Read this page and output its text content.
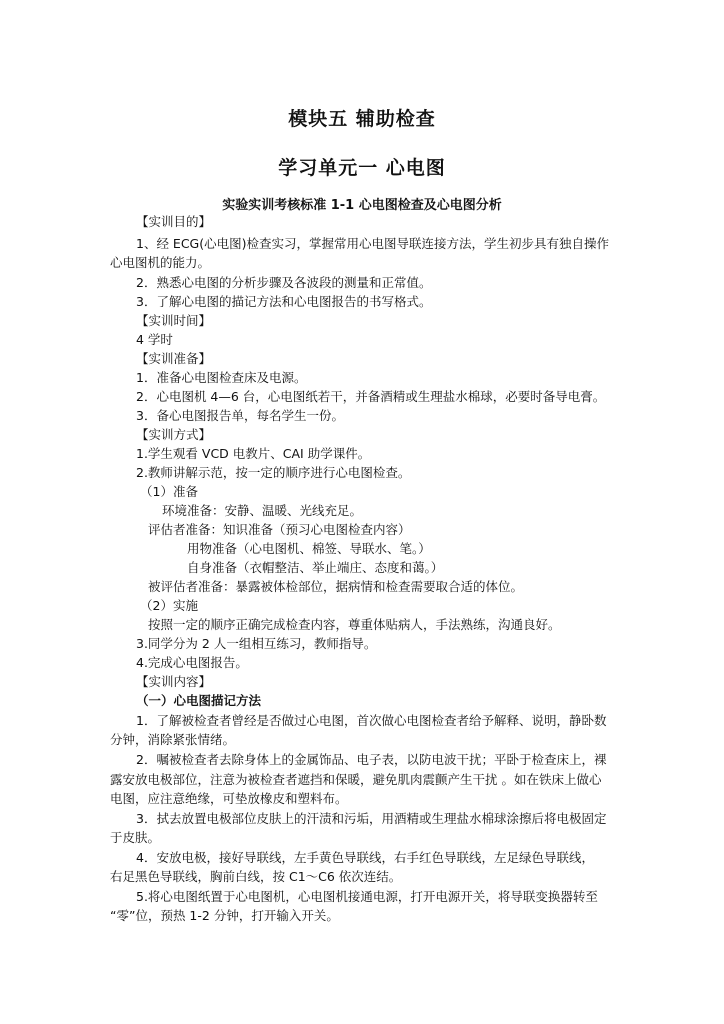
模块五 辅助检查
学习单元一 心电图
实验实训考核标准 1-1 心电图检查及心电图分析
【实训目的】
1、经 ECG(心电图)检查实习，掌握常用心电图导联连接方法，学生初步具有独自操作
心电图机的能力。
2．熟悉心电图的分析步骤及各波段的测量和正常值。
3．了解心电图的描记方法和心电图报告的书写格式。
【实训时间】
4 学时
【实训准备】
1．准备心电图检查床及电源。
2．心电图机 4—6 台，心电图纸若干，并备酒精或生理盐水棉球，必要时备导电膏。
3．备心电图报告单，每名学生一份。
【实训方式】
1.学生观看 VCD 电教片、CAI 助学课件。
2.教师讲解示范，按一定的顺序进行心电图检查。
（1）准备
环境准备：安静、温暖、光线充足。
评估者准备：知识准备（预习心电图检查内容）
用物准备（心电图机、棉签、导联水、笔。）
自身准备（衣帽整洁、举止端庄、态度和蔼。）
被评估者准备：暴露被体检部位，据病情和检查需要取合适的体位。
（2）实施
按照一定的顺序正确完成检查内容，尊重体贴病人，手法熟练，沟通良好。
3.同学分为 2 人一组相互练习，教师指导。
4.完成心电图报告。
【实训内容】
（一）心电图描记方法
1．了解被检查者曾经是否做过心电图，首次做心电图检查者给予解释、说明，静卧数
分钟，消除紧张情绪。
2．嘱被检查者去除身体上的金属饰品、电子表，以防电波干扰；平卧于检查床上，裸
露安放电极部位，注意为被检查者遮挡和保暖，避免肌肉震颤产生干扰 。如在铁床上做心
电图，应注意绝缘，可垫放橡皮和塑料布。
3．拭去放置电极部位皮肤上的汗渍和污垢，用酒精或生理盐水棉球涂擦后将电极固定
于皮肤。
4．安放电极，接好导联线，左手黄色导联线，右手红色导联线，左足绿色导联线，
右足黑色导联线，胸前白线，按 C1～C6 依次连结。
5.将心电图纸置于心电图机，心电图机接通电源，打开电源开关，将导联变换器转至
“零”位，预热 1-2 分钟，打开输入开关。
